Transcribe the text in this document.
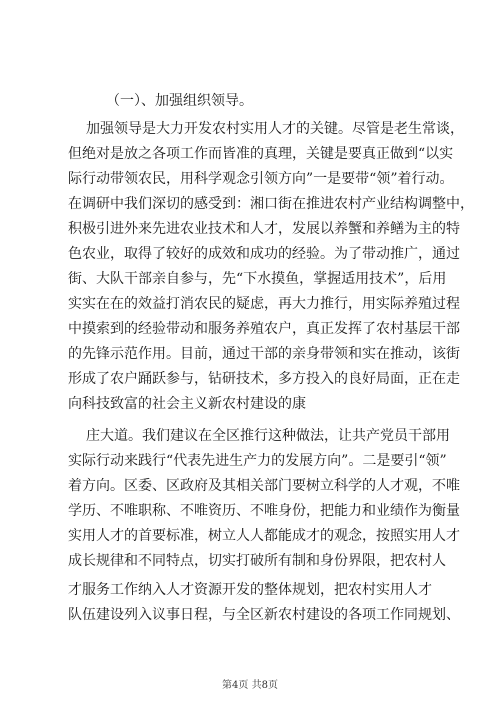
（一）、加强组织领导。
加强领导是大力开发农村实用人才的关键。尽管是老生常谈，
但绝对是放之各项工作而皆准的真理，关键是要真正做到“以实
际行动带领农民，用科学观念引领方向”一是要带“领”着行动。
在调研中我们深切的感受到：湘口街在推进农村产业结构调整中，
积极引进外来先进农业技术和人才，发展以养蟹和养鳝为主的特
色农业，取得了较好的成效和成功的经验。为了带动推广，通过
街、大队干部亲自参与，先“下水摸鱼，掌握适用技术”，后用
实实在在的效益打消农民的疑虑，再大力推行，用实际养殖过程
中摸索到的经验带动和服务养殖农户，真正发挥了农村基层干部
的先锋示范作用。目前，通过干部的亲身带领和实在推动，该街
形成了农户踊跃参与，钻研技术，多方投入的良好局面，正在走
向科技致富的社会主义新农村建设的康
庄大道。我们建议在全区推行这种做法，让共产党员干部用
实际行动来践行“代表先进生产力的发展方向”。二是要引“领”
着方向。区委、区政府及其相关部门要树立科学的人才观，不唯
学历、不唯职称、不唯资历、不唯身份，把能力和业绩作为衡量
实用人才的首要标准，树立人人都能成才的观念，按照实用人才
成长规律和不同特点，切实打破所有制和身份界限，把农村人
才服务工作纳入人才资源开发的整体规划，把农村实用人才
队伍建设列入议事日程，与全区新农村建设的各项工作同规划、
第4页 共8页
